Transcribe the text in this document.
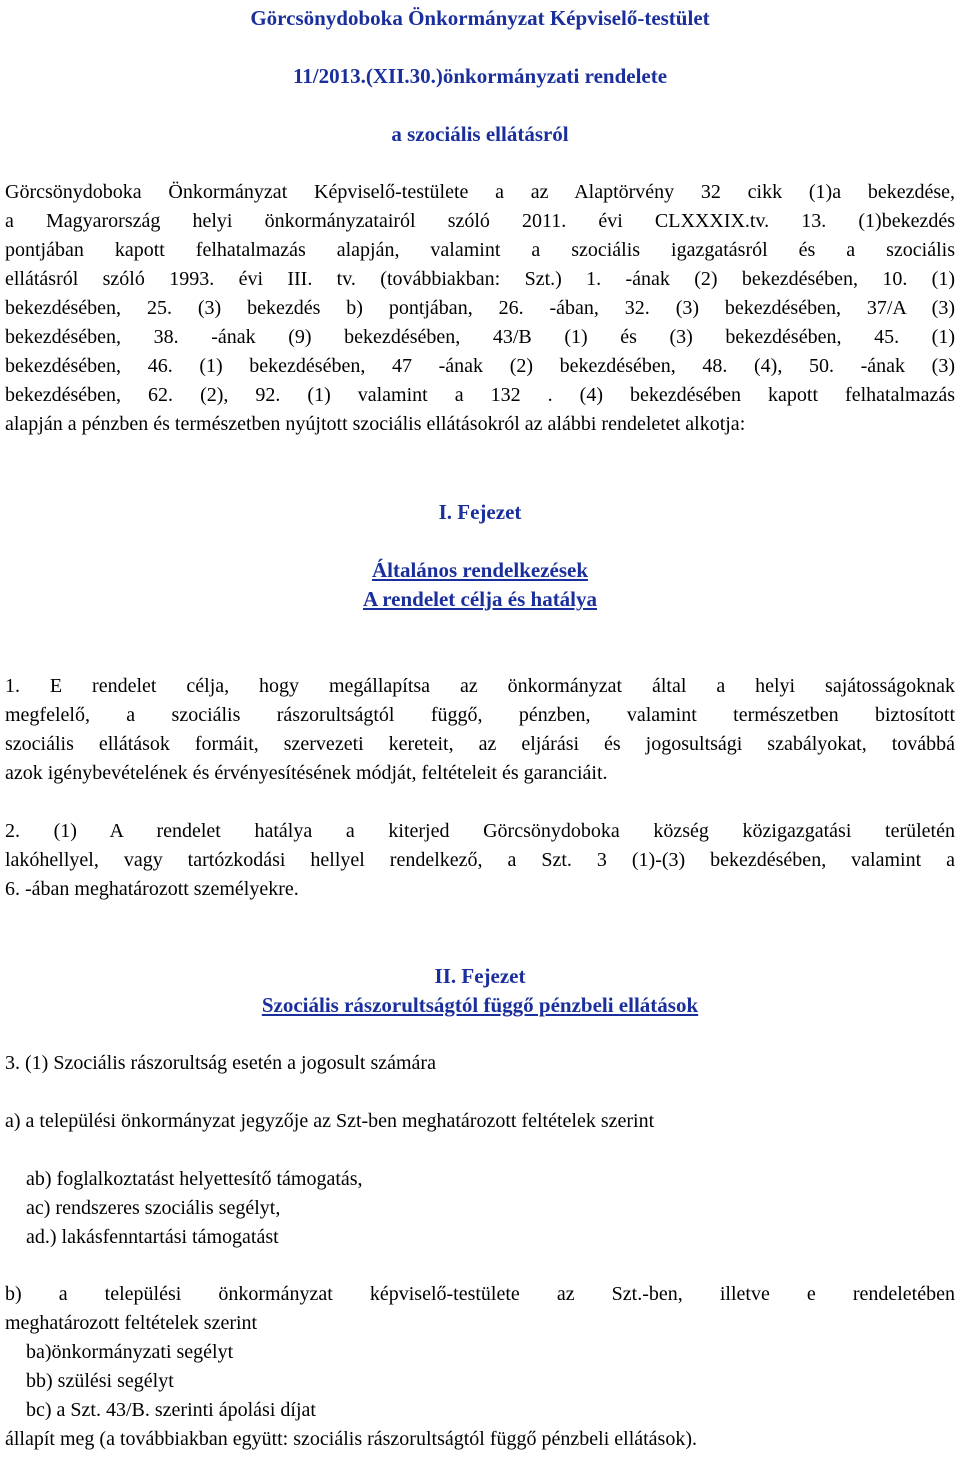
Görcsönydoboka Önkormányzat Képviselő-testület
11/2013.(XII.30.)önkormányzati rendelete
a szociális ellátásról
Görcsönydoboka Önkormányzat Képviselő-testülete a az Alaptörvény 32 cikk (1)a bekezdése,
a Magyarország helyi önkormányzatairól szóló 2011. évi CLXXXIX.tv. 13. (1)bekezdés
pontjában kapott felhatalmazás alapján, valamint a szociális igazgatásról és a szociális
ellátásról szóló 1993. évi III. tv. (továbbiakban: Szt.) 1. -ának (2) bekezdésében, 10. (1)
bekezdésében, 25. (3) bekezdés b) pontjában, 26. -ában, 32. (3) bekezdésében, 37/A (3)
bekezdésében, 38. -ának (9) bekezdésében, 43/B (1) és (3) bekezdésében, 45. (1)
bekezdésében, 46. (1) bekezdésében, 47 -ának (2) bekezdésében, 48. (4), 50. -ának (3)
bekezdésében, 62. (2), 92. (1) valamint a 132 . (4) bekezdésében kapott felhatalmazás
alapján a pénzben és természetben nyújtott szociális ellátásokról az alábbi rendeletet alkotja:
I. Fejezet
Általános rendelkezések
A rendelet célja és hatálya
1. E rendelet célja, hogy megállapítsa az önkormányzat által a helyi sajátosságoknak
megfelelő, a szociális rászorultságtól függő, pénzben, valamint természetben biztosított
szociális ellátások formáit, szervezeti kereteit, az eljárási és jogosultsági szabályokat, továbbá
azok igénybevételének és érvényesítésének módját, feltételeit és garanciáit.
2. (1) A rendelet hatálya a kiterjed Görcsönydoboka község közigazgatási területén
lakóhellyel, vagy tartózkodási hellyel rendelkező, a Szt. 3 (1)-(3) bekezdésében, valamint a
6. -ában meghatározott személyekre.
II. Fejezet
Szociális rászorultságtól függő pénzbeli ellátások
3. (1) Szociális rászorultság esetén a jogosult számára
a) a települési önkormányzat jegyzője az Szt-ben meghatározott feltételek szerint
ab) foglalkoztatást helyettesítő támogatás,
ac) rendszeres szociális segélyt,
ad.) lakásfenntartási támogatást
b) a települési önkormányzat képviselő-testülete az Szt.-ben, illetve e rendeletében
meghatározott feltételek szerint
ba)önkormányzati segélyt
bb) szülési segélyt
bc) a Szt. 43/B. szerinti ápolási díjat
állapít meg (a továbbiakban együtt: szociális rászorultságtól függő pénzbeli ellátások).
